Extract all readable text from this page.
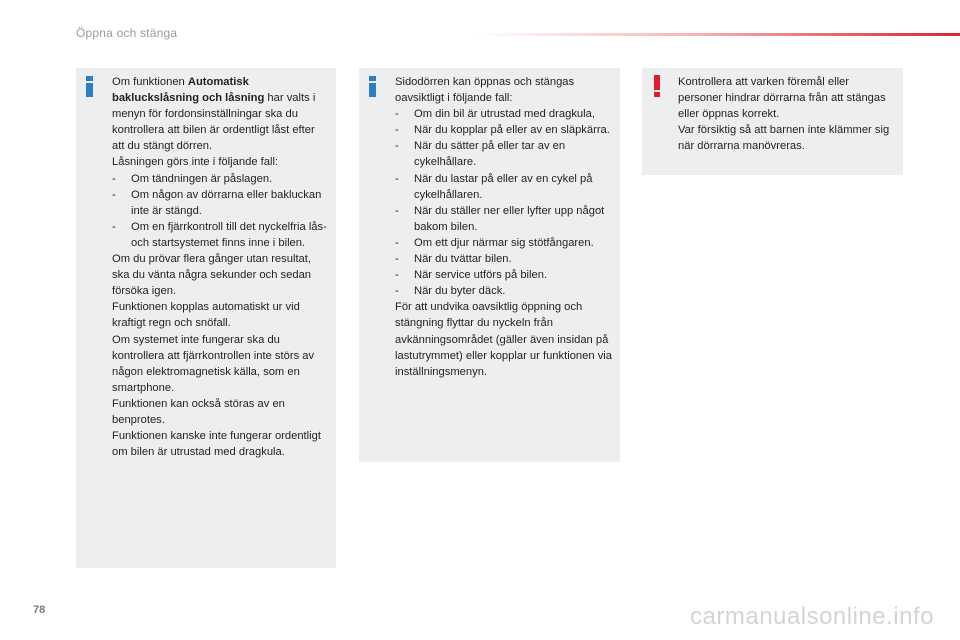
Öppna och stänga

Om funktionen Automatisk bakluckslåsning och låsning har valts i menyn för fordonsinställningar ska du kontrollera att bilen är ordentligt låst efter att du stängt dörren.

Låsningen görs inte i följande fall:

- Om tändningen är påslagen.
- Om någon av dörrarna eller bakluckan inte är stängd.
- Om en fjärrkontroll till det nyckelfria lås- och startsystemet finns inne i bilen.

Om du prövar flera gånger utan resultat, ska du vänta några sekunder och sedan försöka igen.

Funktionen kopplas automatiskt ur vid kraftigt regn och snöfall.

Om systemet inte fungerar ska du kontrollera att fjärrkontrollen inte störs av någon elektromagnetisk källa, som en smartphone.

Funktionen kan också störas av en benprotes.

Funktionen kanske inte fungerar ordentligt om bilen är utrustad med dragkula.

Sidodörren kan öppnas och stängas oavsiktligt i följande fall:

- Om din bil är utrustad med dragkula,
- När du kopplar på eller av en släpkärra.
- När du sätter på eller tar av en cykelhållare.
- När du lastar på eller av en cykel på cykelhållaren.
- När du ställer ner eller lyfter upp något bakom bilen.
- Om ett djur närmar sig stötfångaren.
- När du tvättar bilen.
- När service utförs på bilen.
- När du byter däck.

För att undvika oavsiktlig öppning och stängning flyttar du nyckeln från avkänningsområdet (gäller även insidan på lastutrymmet) eller kopplar ur funktionen via inställningsmenyn.

Kontrollera att varken föremål eller personer hindrar dörrarna från att stängas eller öppnas korrekt.

Var försiktig så att barnen inte klämmer sig när dörrarna manövreras.

78	carmanualsonline.info
